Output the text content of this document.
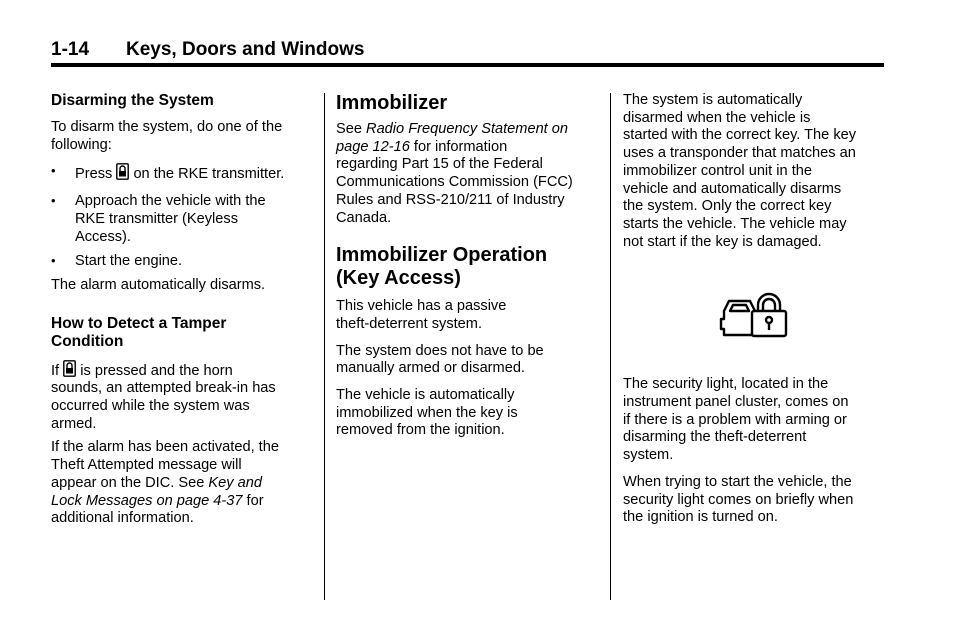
1-14 Keys, Doors and Windows
Disarming the System

To disarm the system, do one of the following:

• Press on the RKE transmitter.
• Approach the vehicle with the
RKE transmitter (Keyless
Access).
• Start the engine.

The alarm automatically disarms.

How to Detect a Tamper
Condition

If is pressed and the horn
sounds, an attempted break-in has
occurred while the system was
armed.

If the alarm has been activated, the
Theft Attempted message will
appear on the DIC. See Key and
Lock Messages on page 4-37 for
additional information.

Immobilizer

See Radio Frequency Statement on
page 12-16 for information
regarding Part 15 of the Federal
Communications Commission (FCC)
Rules and RSS-210/211 of Industry
Canada.

Immobilizer Operation
(Key Access)

This vehicle has a passive
theft-deterrent system.

The system does not have to be
manually armed or disarmed.

The vehicle is automatically
immobilized when the key is
removed from the ignition.

The system is automatically
disarmed when the vehicle is
started with the correct key. The key
uses a transponder that matches an
immobilizer control unit in the
vehicle and automatically disarms
the system. Only the correct key
starts the vehicle. The vehicle may
not start if the key is damaged.

The security light, located in the
instrument panel cluster, comes on
if there is a problem with arming or
disarming the theft-deterrent
system.

When trying to start the vehicle, the
security light comes on briefly when
the ignition is turned on.
